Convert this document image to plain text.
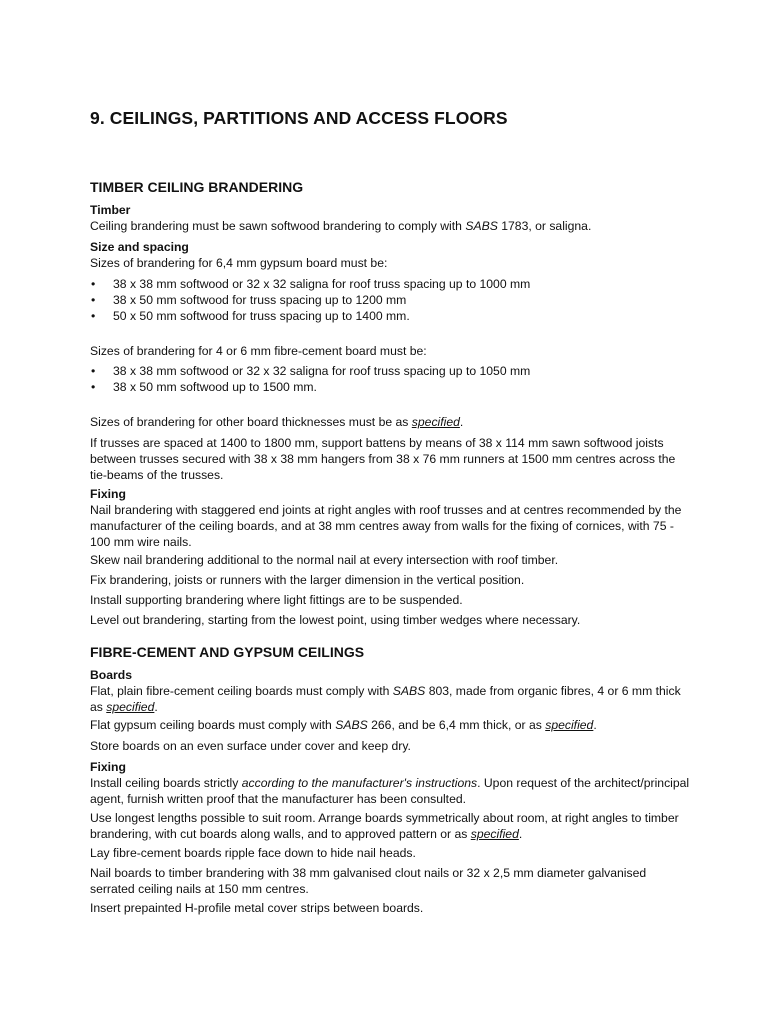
9. CEILINGS, PARTITIONS AND ACCESS FLOORS
TIMBER CEILING BRANDERING
Timber
Ceiling brandering must be sawn softwood brandering to comply with SABS 1783, or saligna.
Size and spacing
Sizes of brandering for 6,4 mm gypsum board must be:
• 38 x 38 mm softwood or 32 x 32 saligna for roof truss spacing up to 1000 mm
• 38 x 50 mm softwood for truss spacing up to 1200 mm
• 50 x 50 mm softwood for truss spacing up to 1400 mm.
Sizes of brandering for 4 or 6 mm fibre-cement board must be:
• 38 x 38 mm softwood or 32 x 32 saligna for roof truss spacing up to 1050 mm
• 38 x 50 mm softwood up to 1500 mm.
Sizes of brandering for other board thicknesses must be as specified.
If trusses are spaced at 1400 to 1800 mm, support battens by means of 38 x 114 mm sawn softwood joists between trusses secured with 38 x 38 mm hangers from 38 x 76 mm runners at 1500 mm centres across the tie-beams of the trusses.
Fixing
Nail brandering with staggered end joints at right angles with roof trusses and at centres recommended by the manufacturer of the ceiling boards, and at 38 mm centres away from walls for the fixing of cornices, with 75 - 100 mm wire nails.
Skew nail brandering additional to the normal nail at every intersection with roof timber.
Fix brandering, joists or runners with the larger dimension in the vertical position.
Install supporting brandering where light fittings are to be suspended.
Level out brandering, starting from the lowest point, using timber wedges where necessary.
FIBRE-CEMENT AND GYPSUM CEILINGS
Boards
Flat, plain fibre-cement ceiling boards must comply with SABS 803, made from organic fibres, 4 or 6 mm thick as specified.
Flat gypsum ceiling boards must comply with SABS 266, and be 6,4 mm thick, or as specified.
Store boards on an even surface under cover and keep dry.
Fixing
Install ceiling boards strictly according to the manufacturer's instructions. Upon request of the architect/principal agent, furnish written proof that the manufacturer has been consulted.
Use longest lengths possible to suit room. Arrange boards symmetrically about room, at right angles to timber brandering, with cut boards along walls, and to approved pattern or as specified.
Lay fibre-cement boards ripple face down to hide nail heads.
Nail boards to timber brandering with 38 mm galvanised clout nails or 32 x 2,5 mm diameter galvanised serrated ceiling nails at 150 mm centres.
Insert prepainted H-profile metal cover strips between boards.
